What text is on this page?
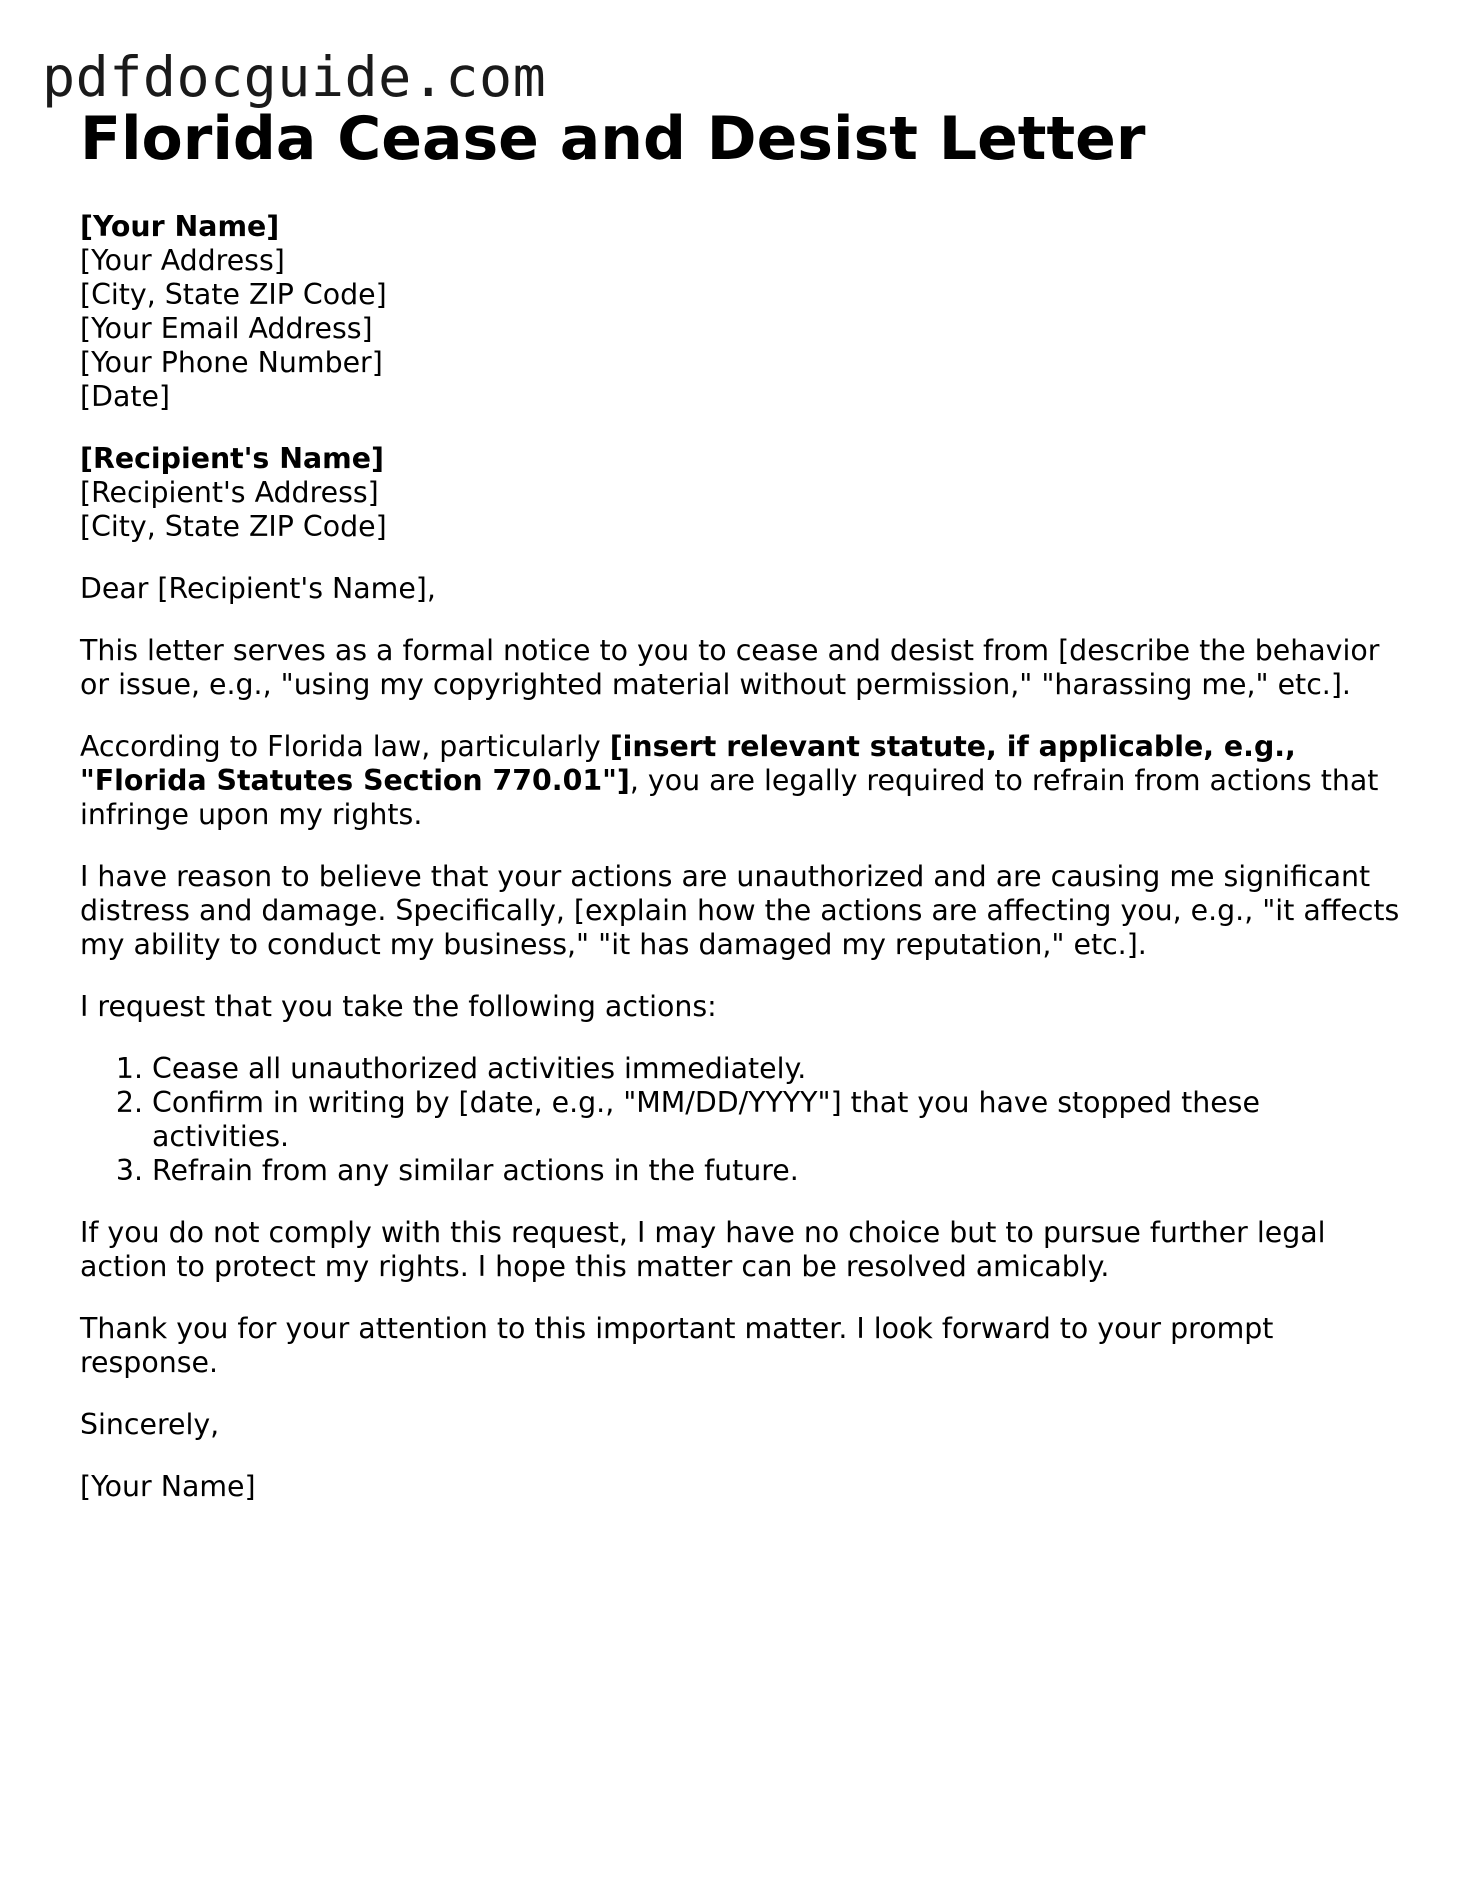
pdfdocguide.com
Florida Cease and Desist Letter
[Your Name]
[Your Address]
[City, State ZIP Code]
[Your Email Address]
[Your Phone Number]
[Date]
[Recipient's Name]
[Recipient's Address]
[City, State ZIP Code]

Dear [Recipient's Name],

This letter serves as a formal notice to you to cease and desist from [describe the behavior or issue, e.g., "using my copyrighted material without permission," "harassing me," etc.].

According to Florida law, particularly [insert relevant statute, if applicable, e.g., "Florida Statutes Section 770.01"], you are legally required to refrain from actions that infringe upon my rights.

I have reason to believe that your actions are unauthorized and are causing me significant distress and damage. Specifically, [explain how the actions are affecting you, e.g., "it affects my ability to conduct my business," "it has damaged my reputation," etc.].

I request that you take the following actions:

1. Cease all unauthorized activities immediately.
2. Confirm in writing by [date, e.g., "MM/DD/YYYY"] that you have stopped these activities.
3. Refrain from any similar actions in the future.

If you do not comply with this request, I may have no choice but to pursue further legal action to protect my rights. I hope this matter can be resolved amicably.

Thank you for your attention to this important matter. I look forward to your prompt response.

Sincerely,

[Your Name]
